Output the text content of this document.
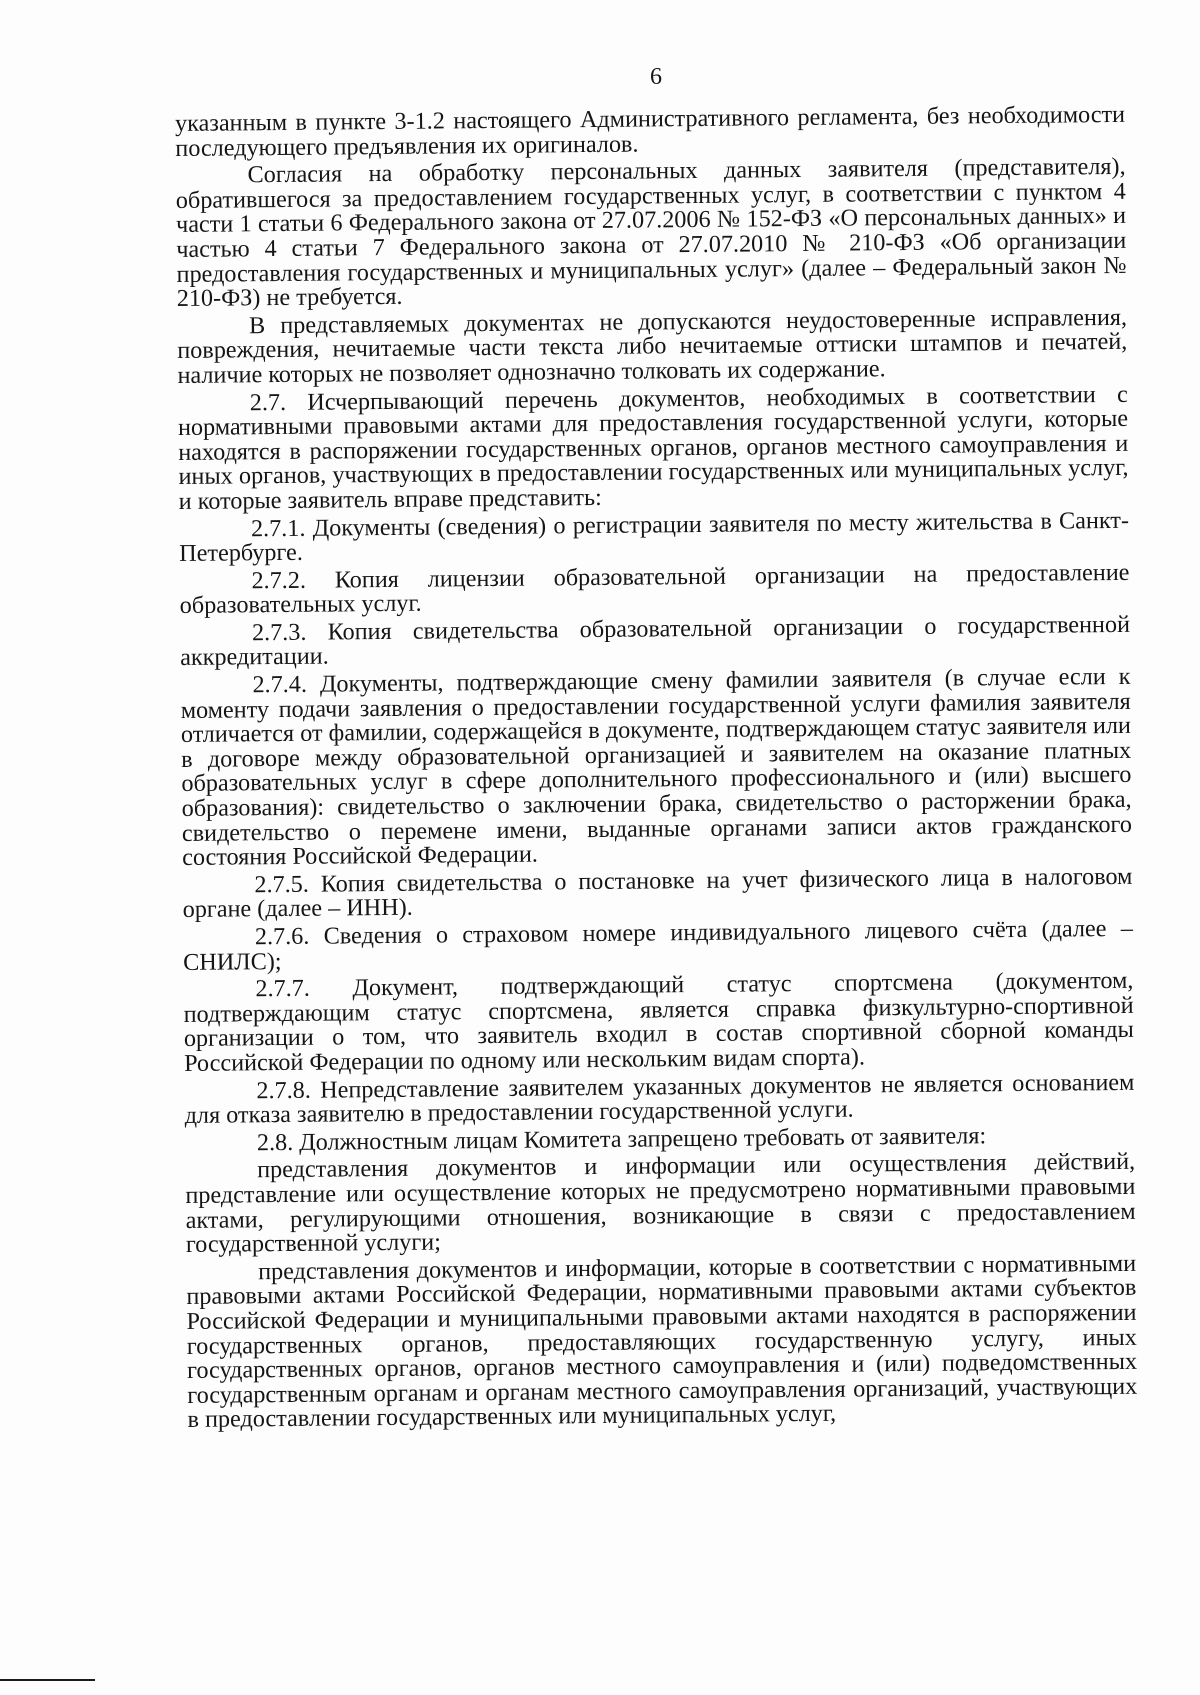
6

указанным в пункте 3-1.2 настоящего Административного регламента, без необходимости последующего предъявления их оригиналов.

Согласия на обработку персональных данных заявителя (представителя), обратившегося за предоставлением государственных услуг, в соответствии с пунктом 4 части 1 статьи 6 Федерального закона от 27.07.2006 № 152-ФЗ «О персональных данных» и частью 4 статьи 7 Федерального закона от 27.07.2010 № 210-ФЗ «Об организации предоставления государственных и муниципальных услуг» (далее – Федеральный закон № 210-ФЗ) не требуется.

В представляемых документах не допускаются неудостоверенные исправления, повреждения, нечитаемые части текста либо нечитаемые оттиски штампов и печатей, наличие которых не позволяет однозначно толковать их содержание.

2.7. Исчерпывающий перечень документов, необходимых в соответствии с нормативными правовыми актами для предоставления государственной услуги, которые находятся в распоряжении государственных органов, органов местного самоуправления и иных органов, участвующих в предоставлении государственных или муниципальных услуг, и которые заявитель вправе представить:

2.7.1. Документы (сведения) о регистрации заявителя по месту жительства в Санкт-Петербурге.

2.7.2. Копия лицензии образовательной организации на предоставление образовательных услуг.

2.7.3. Копия свидетельства образовательной организации о государственной аккредитации.

2.7.4. Документы, подтверждающие смену фамилии заявителя (в случае если к моменту подачи заявления о предоставлении государственной услуги фамилия заявителя отличается от фамилии, содержащейся в документе, подтверждающем статус заявителя или в договоре между образовательной организацией и заявителем на оказание платных образовательных услуг в сфере дополнительного профессионального и (или) высшего образования): свидетельство о заключении брака, свидетельство о расторжении брака, свидетельство о перемене имени, выданные органами записи актов гражданского состояния Российской Федерации.

2.7.5. Копия свидетельства о постановке на учет физического лица в налоговом органе (далее – ИНН).

2.7.6. Сведения о страховом номере индивидуального лицевого счёта (далее – СНИЛС);

2.7.7. Документ, подтверждающий статус спортсмена (документом, подтверждающим статус спортсмена, является справка физкультурно-спортивной организации о том, что заявитель входил в состав спортивной сборной команды Российской Федерации по одному или нескольким видам спорта).

2.7.8. Непредставление заявителем указанных документов не является основанием для отказа заявителю в предоставлении государственной услуги.

2.8. Должностным лицам Комитета запрещено требовать от заявителя:

представления документов и информации или осуществления действий, представление или осуществление которых не предусмотрено нормативными правовыми актами, регулирующими отношения, возникающие в связи с предоставлением государственной услуги;

представления документов и информации, которые в соответствии с нормативными правовыми актами Российской Федерации, нормативными правовыми актами субъектов Российской Федерации и муниципальными правовыми актами находятся в распоряжении государственных органов, предоставляющих государственную услугу, иных государственных органов, органов местного самоуправления и (или) подведомственных государственным органам и органам местного самоуправления организаций, участвующих в предоставлении государственных или муниципальных услуг,
